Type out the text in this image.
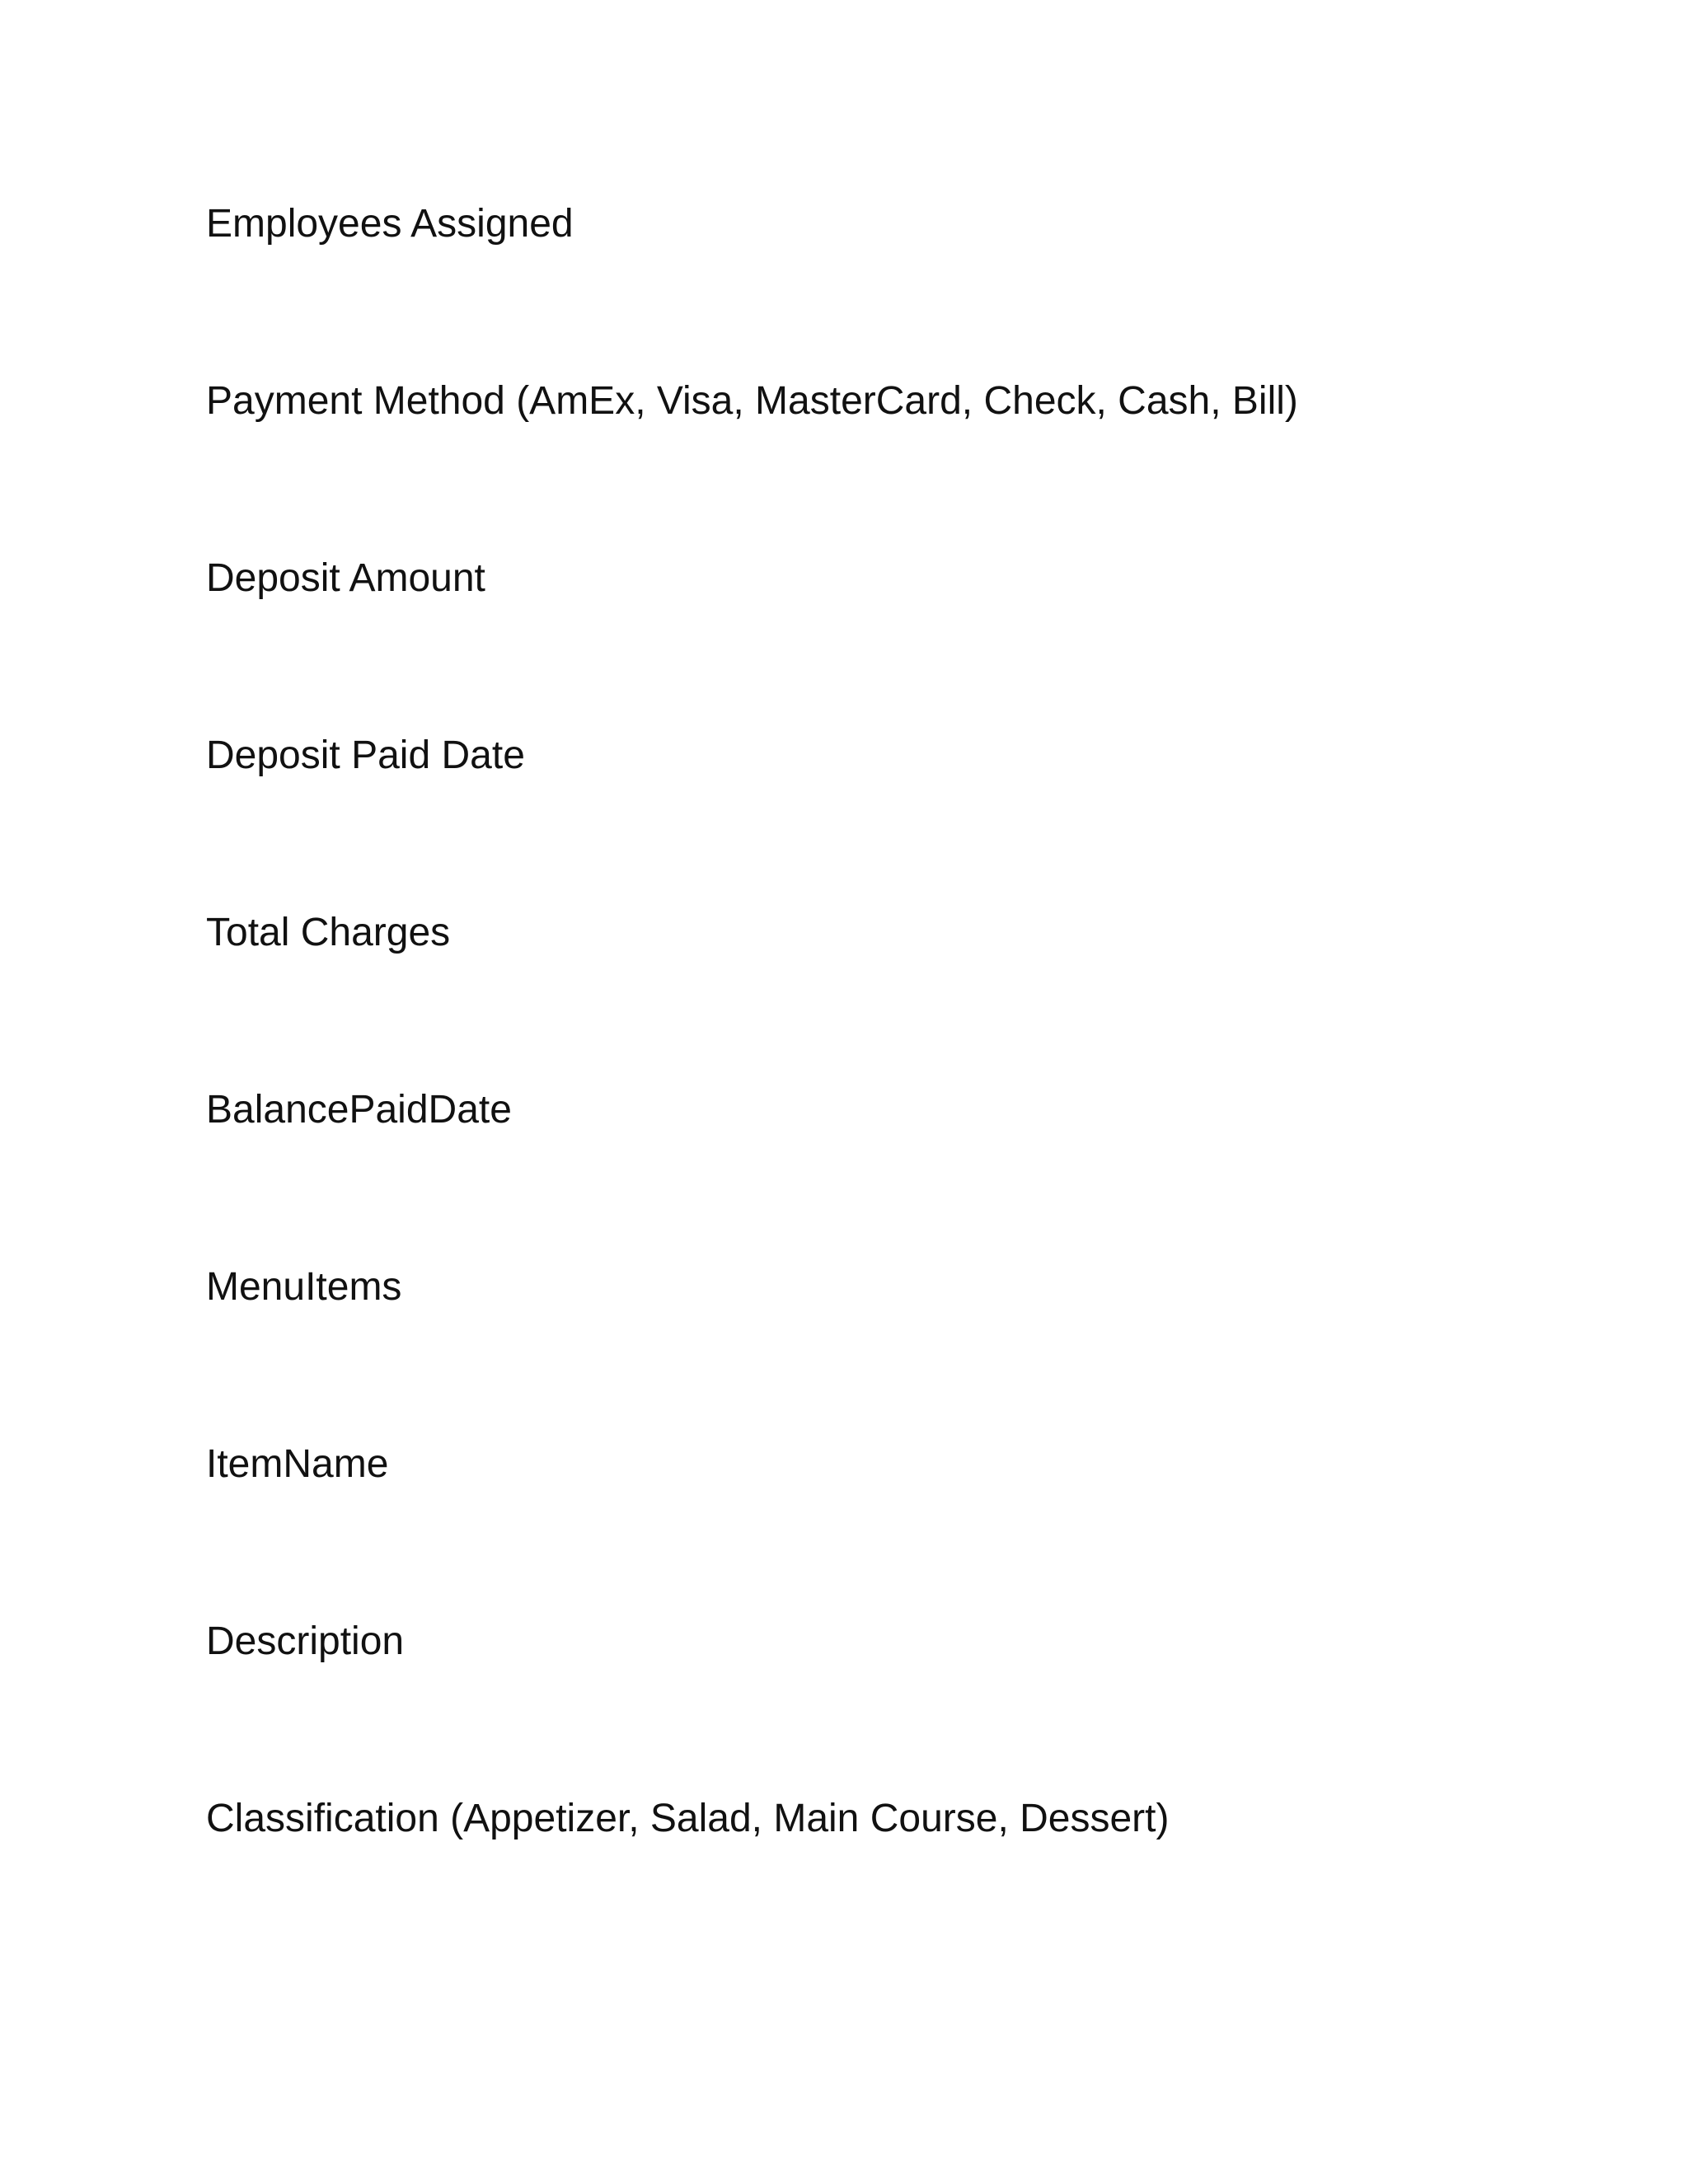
Employees Assigned
Payment Method (AmEx, Visa, MasterCard, Check, Cash, Bill)
Deposit Amount
Deposit Paid Date
Total Charges
BalancePaidDate
MenuItems
ItemName
Description
Classification (Appetizer, Salad, Main Course, Dessert)
